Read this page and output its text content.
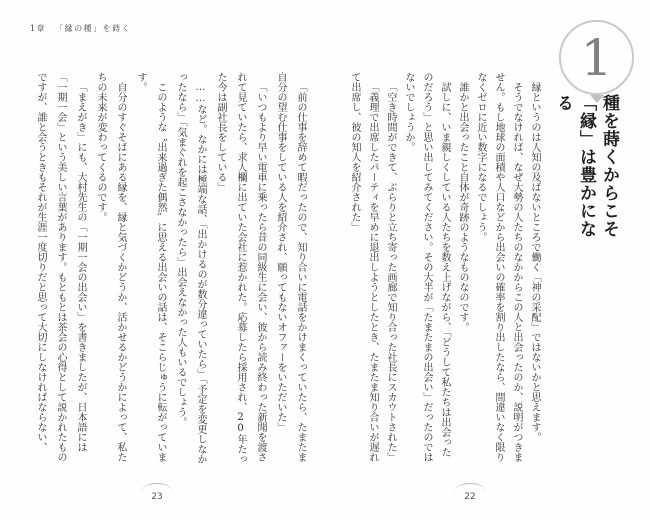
1章 「縁の種」を蒔く	1
種を蒔くからこそ
「縁」は豊かになる

縁というのは人知の及ばないところで働く「神の采配」ではないかと思えます。

そうでなければ、なぜ大勢の人たちのなかからこの人と出会ったのか、説明がつきません。もし地球の面積や人口などから出会いの確率を割り出したなら、間違いなく限りなくゼロに近い数字になるでしょう。

誰かと出会ったこと自体が奇跡のようなものなのです。

試しに、いま親しくしている人たちを数え上げながら、「どうして私たちは出会ったのだろう」と思い出してみてください。その大半が「たまたまの出会い」だったのではないでしょうか。

「空き時間ができて、ぶらりと立ち寄った画廊で知り合った社長にスカウトされた」

「義理で出席したパーティを早めに退出しようとしたとき、たまたま知り合いが遅れて出席し、彼の知人を紹介された」

「前の仕事を辞めて暇だったので、知り合いに電話をかけまくっていたら、たまたま自分の望む仕事をしている人を紹介され、願ってもないオファーをいただいた」

「いつもより早い電車に乗ったら昔の同級生に会い、彼から読み終わった新聞を渡されて見ていたら、求人欄に出ていた会社に惹かれた。応募したら採用され、20年たった今は副社長をしている」

……など。なかには極端な話、「出かけるのが数分違っていたら」「予定を変更しなかったなら」「気まぐれを起こさなかったら」出会えなかった人もいるでしょう。

このような〝出来過ぎた偶然〟に思える出会いの話は、そこらじゅうに転がっています。

自分のすぐそばにある縁を、縁と気づくかどうか、活かせるかどうかによって、私たちの未来が変わってくるのです。

「まえがき」にも、大村先生の「一期一会の出会い」を書きましたが、日本語には「一期一会」という美しい言葉があります。もともとは茶会の心得として説かれたものですが、誰と会うときもそれが生涯一度切りだと思って大切にしなければならない、

23	22
